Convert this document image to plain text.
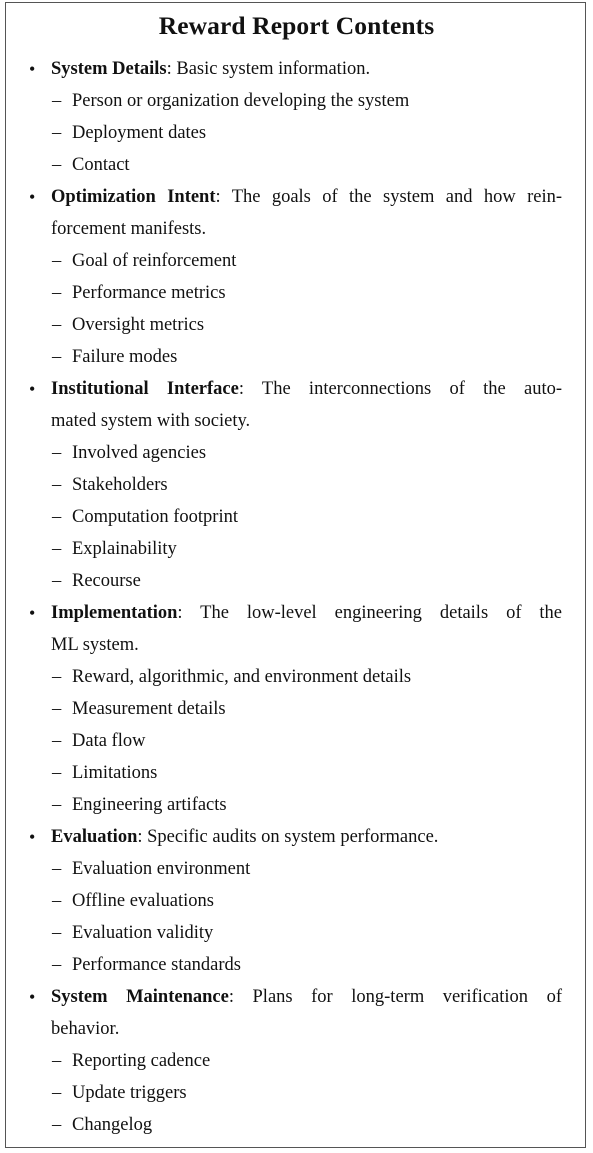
Reward Report Contents
• System Details: Basic system information.
– Person or organization developing the system
– Deployment dates
– Contact
• Optimization Intent: The goals of the system and how rein-
forcement manifests.
– Goal of reinforcement
– Performance metrics
– Oversight metrics
– Failure modes
• Institutional Interface: The interconnections of the auto-
mated system with society.
– Involved agencies
– Stakeholders
– Computation footprint
– Explainability
– Recourse
• Implementation: The low-level engineering details of the
ML system.
– Reward, algorithmic, and environment details
– Measurement details
– Data flow
– Limitations
– Engineering artifacts
• Evaluation: Specific audits on system performance.
– Evaluation environment
– Offline evaluations
– Evaluation validity
– Performance standards
• System Maintenance: Plans for long-term verification of
behavior.
– Reporting cadence
– Update triggers
– Changelog
